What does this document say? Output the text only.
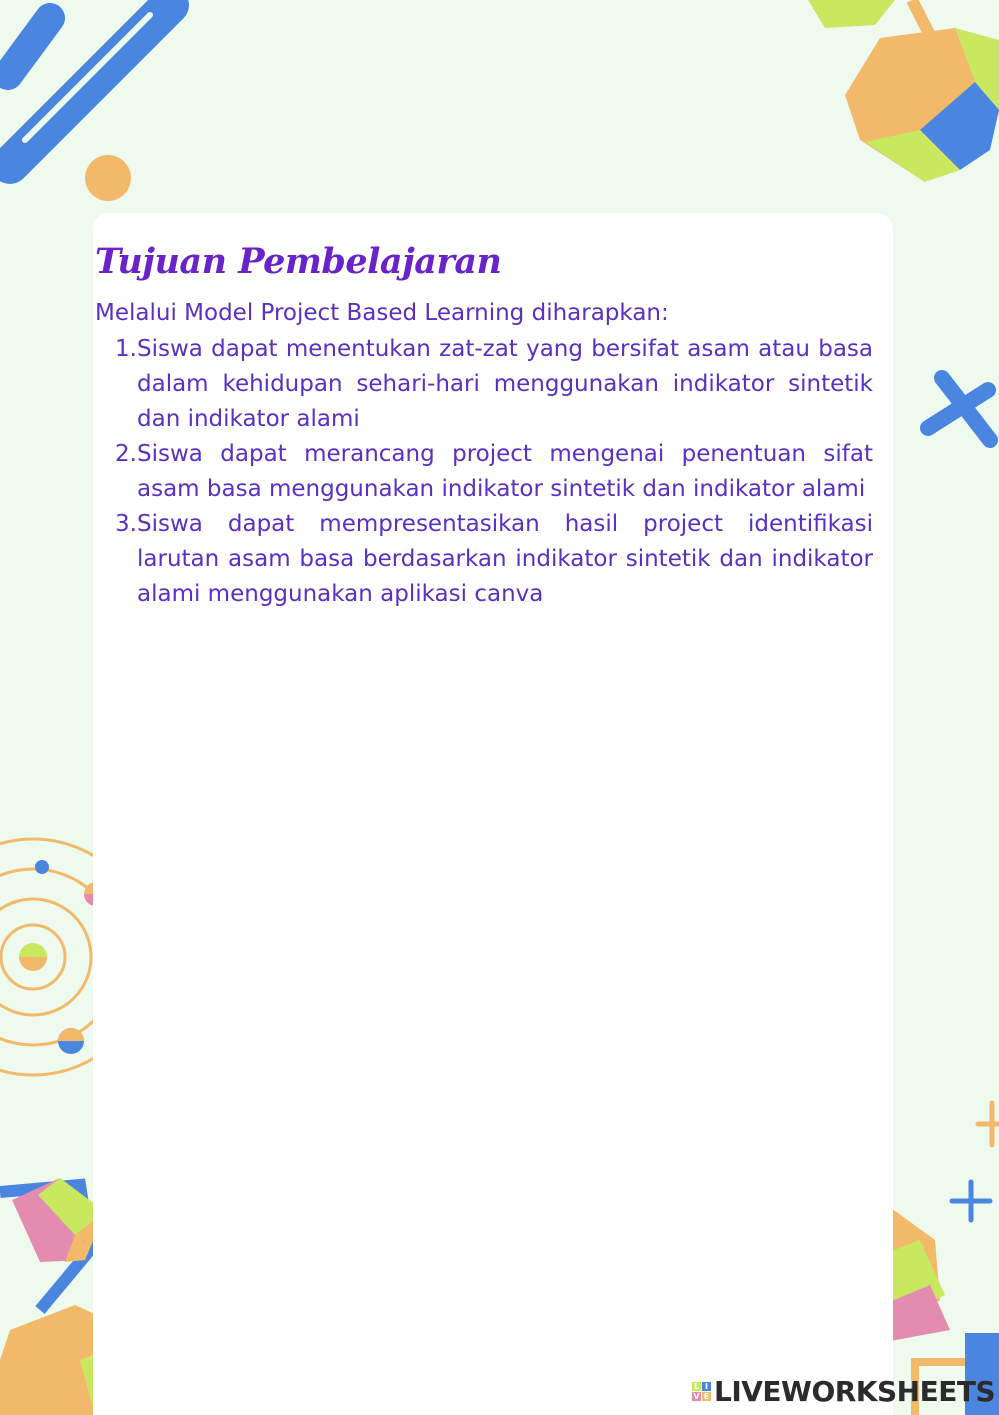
Tujuan Pembelajaran

Melalui Model Project Based Learning diharapkan:

1. Siswa dapat menentukan zat-zat yang bersifat asam atau basa dalam kehidupan sehari-hari menggunakan indikator sintetik dan indikator alami
2. Siswa dapat merancang project mengenai penentuan sifat asam basa menggunakan indikator sintetik dan indikator alami
3. Siswa dapat mempresentasikan hasil project identifikasi larutan asam basa berdasarkan indikator sintetik dan indikator alami menggunakan aplikasi canva
L I
V E LIVEWORKSHEETS
